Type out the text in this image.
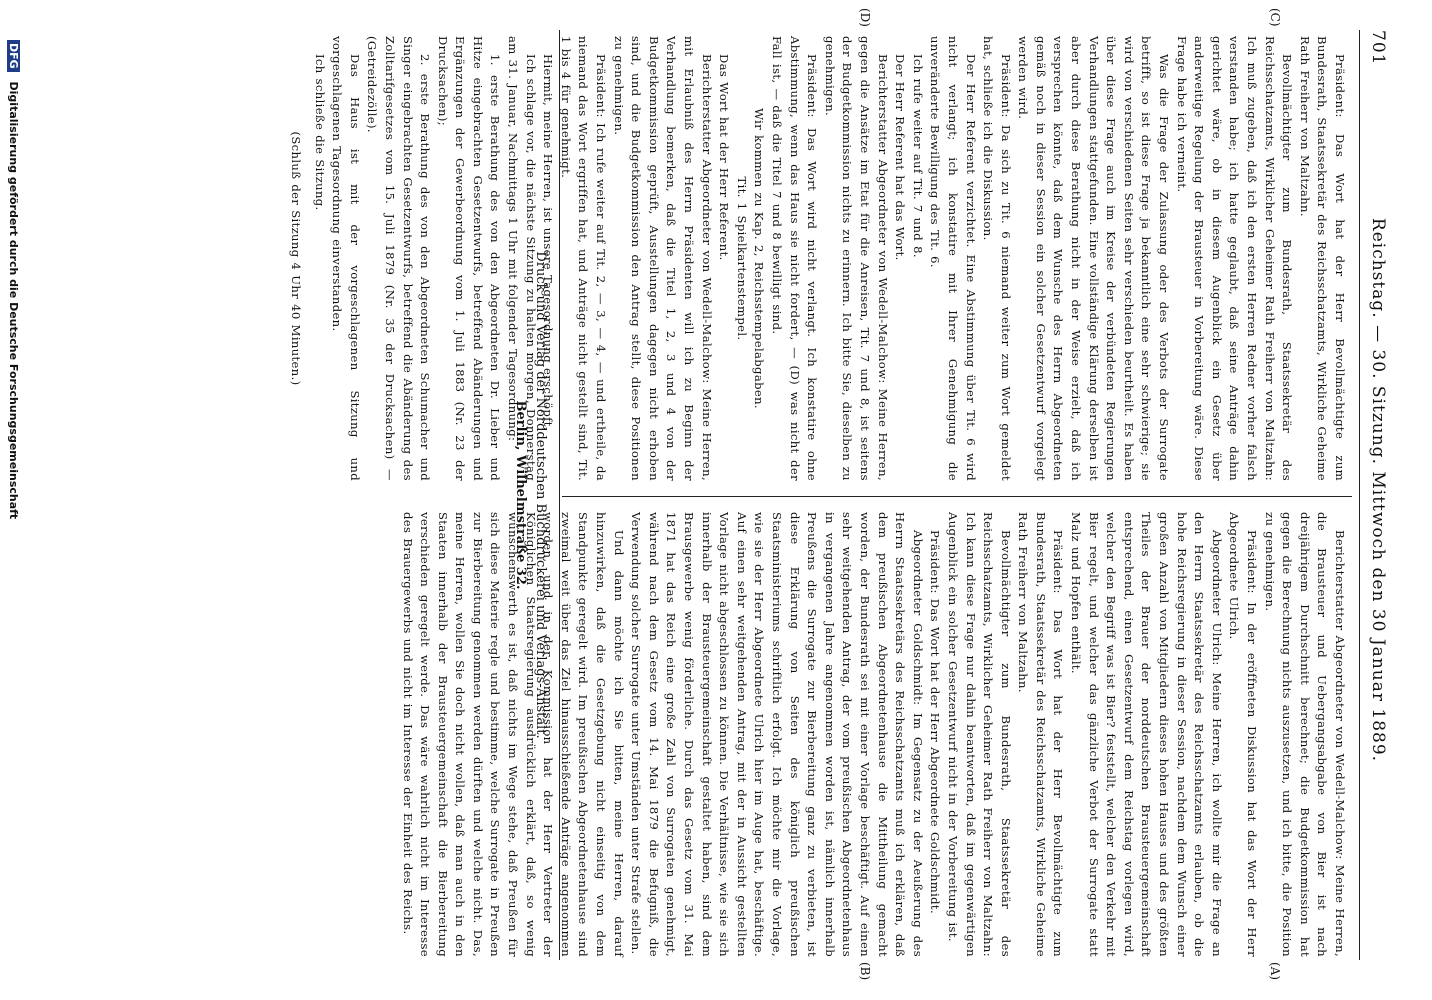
701
Reichstag. — 30. Sitzung. Mittwoch den 30 Januar 1889.
(C)
(D)
(A)
(B)

Präsident: Das Wort hat der Herr Bevollmächtigte zum Bundesrath, Staatssekretär des Reichsschatzamts, Wirkliche Geheime Rath Freiherr von Maltzahn.

Bevollmächtigter zum Bundesrath, Staatssekretär des Reichsschatzamts, Wirklicher Geheimer Rath Freiherr von Maltzahn: Ich muß zugeben, daß ich den ersten Herren Redner vorher falsch verstanden habe; ich hatte geglaubt, daß seine Anträge dahin gerichtet wäre, ob in diesem Augenblick ein Gesetz über anderweitige Regelung der Brausteuer in Vorbereitung wäre. Diese Frage habe ich verneint.

Was die Frage der Zulassung oder des Verbots der Surrogate betrifft, so ist diese Frage ja bekanntlich eine sehr schwierige; sie wird von verschiedenen Seiten sehr verschieden beurtheilt. Es haben über diese Frage auch im Kreise der verbündeten Regierungen Verhandlungen stattgefunden. Eine vollständige Klärung derselben ist aber durch diese Berathung nicht in der Weise erzielt, daß ich versprechen könnte, daß dem Wunsche des Herrn Abgeordneten gemäß noch in dieser Session ein solcher Gesetzentwurf vorgelegt werden wird.

Präsident: Da sich zu Tit. 6 niemand weiter zum Wort gemeldet hat, schließe ich die Diskussion.

Der Herr Referent verzichtet. Eine Abstimmung über Tit. 6 wird nicht verlangt; ich konstatire mit Ihrer Genehmigung die unveränderte Bewilligung des Tit. 6.

Ich rufe weiter auf Tit. 7 und 8.

Der Herr Referent hat das Wort.

Berichterstatter Abgeordneter von Wedell-Malchow: Meine Herren, gegen die Ansätze im Etat für die Anreisen, Tit. 7 und 8, ist seitens der Budgetkommission nichts zu erinnern. Ich bitte Sie, dieselben zu genehmigen.

Präsident: Das Wort wird nicht verlangt. Ich konstatire ohne Abstimmung, wenn das Haus sie nicht fordert, — (D) was nicht der Fall ist, — daß die Titel 7 und 8 bewilligt sind.

Wir kommen zu Kap. 2, Reichsstempelabgaben.

Tit. 1 Spielkartenstempel.

Das Wort hat der Herr Referent.

Berichterstatter Abgeordneter von Wedell-Malchow: Meine Herren, mit Erlaubniß des Herrn Präsidenten will ich zu Beginn der Verhandlung bemerken, daß die Titel 1, 2, 3 und 4 von der Budgetkommission geprüft, Ausstellungen dagegen nicht erhoben sind, und die Budgetkommission den Antrag stellt, diese Positionen zu genehmigen.

Präsident: Ich rufe weiter auf Tit. 2, — 3, — 4, — und ertheile, da niemand das Wort ergriffen hat, und Anträge nicht gestellt sind, Tit. 1 bis 4 für genehmigt.

Hiermit, meine Herren, ist unsere Tagesordnung erschöpft.

Ich schlage vor, die nächste Sitzung zu halten morgen, Donnerstag am 31. Januar, Nachmittags 1 Uhr mit folgender Tagesordnung:

1. erste Berathung des von den Abgeordneten Dr. Lieber und Hitze eingebrachten Gesetzentwurfs, betreffend Abänderungen und Ergänzungen der Gewerbeordnung vom 1. Juli 1883 (Nr. 23 der Drucksachen);

2. erste Berathung des von den Abgeordneten Schumacher und Singer eingebrachten Gesetzentwurfs, betreffend die Abänderung des Zolltarifgesetzes vom 15. Juli 1879 (Nr. 35 der Drucksachen) — (Getreidezölle).

Das Haus ist mit der vorgeschlagenen Sitzung und vorgeschlagenen Tagesordnung einverstanden.

Ich schließe die Sitzung.

(Schluß der Sitzung 4 Uhr 40 Minuten.)

Berichterstatter Abgeordneter von Wedell-Malchow: Meine Herren, die Brausteuer und Uebergangsabgabe von Bier ist nach dreijährigem Durchschnitt berechnet; die Budgetkommission hat gegen die Berechnung nichts auszusetzen, und ich bitte, die Position zu genehmigen.

Präsident: In der eröffneten Diskussion hat das Wort der Herr Abgeordnete Ulrich.

Abgeordneter Ulrich: Meine Herren, ich wollte mir die Frage an den Herrn Staatssekretär des Reichsschatzamts erlauben, ob die hohe Reichsregierung in dieser Session, nachdem dem Wunsch einer großen Anzahl von Mitgliedern dieses hohen Hauses und des größten Theiles der Brauer der norddeutschen Brausteuergemeinschaft entsprechend, einen Gesetzentwurf dem Reichstag vorlegen wird, welcher den Begriff was ist Bier? feststellt, welcher den Verkehr mit Bier regelt, und welcher das gänzliche Verbot der Surrogate statt Malz und Hopfen enthält.

Präsident: Das Wort hat der Herr Bevollmächtigte zum Bundesrath, Staatssekretär des Reichsschatzamts, Wirkliche Geheime Rath Freiherr von Maltzahn.

Bevollmächtigter zum Bundesrath, Staatssekretär des Reichsschatzamts, Wirklicher Geheimer Rath Freiherr von Maltzahn: Ich kann diese Frage nur dahin beantworten, daß im gegenwärtigen Augenblick ein solcher Gesetzentwurf nicht in der Vorbereitung ist.

Präsident: Das Wort hat der Herr Abgeordnete Goldschmidt.

Abgeordneter Goldschmidt: Im Gegensatz zu der Aeußerung des Herrn Staatssekretärs des Reichsschatzamts muß ich erklären, daß dem preußischen Abgeordnetenhause die Mittheilung gemacht worden, der Bundesrath sei mit einer Vorlage beschäftigt. Auf einen sehr weitgehenden Antrag, der vom preußischen Abgeordnetenhaus in vergangenen Jahre angenommen worden ist, nämlich innerhalb Preußens die Surrogate zur Bierbereitung ganz zu verbieten, ist diese Erklärung von Seiten des königlich preußischen Staatsministeriums schriftlich erfolgt. Ich möchte mir die Vorlage, wie sie der Herr Abgeordnete Ulrich hier im Auge hat, beschäftige. Auf einen sehr weitgehenden Antrag, mit der in Aussicht gestellten Vorlage nicht abgeschlossen zu können. Die Verhältnisse, wie sie sich innerhalb der Brausteuergemeinschaft gestaltet haben, sind dem Brausgewerbe wenig förderliche. Durch das Gesetz vom 31. Mai 1871 hat das Reich eine große Zahl von Surrogaten genehmigt, während nach dem Gesetz vom 14. Mai 1879 die Befugniß, die Verwendung solcher Surrogate unter Umständen unter Strafe stellen.

Und dann möchte ich Sie bitten, meine Herren, darauf hinzuwirken, daß die Gesetzgebung nicht einseitig von dem Standpunkte geregelt wird. Im preußischen Abgeordnetenhause sind zweimal weit über das Ziel hinausschießende Anträge angenommen worden, und in der Kommission hat der Herr Vertreter der Königlichen Staatsregierung ausdrücklich erklärt, daß, so wenig wünschenswerth es ist, daß nichts im Wege stehe, daß Preußen für sich diese Materie regle und bestimme, welche Surrogate in Preußen zur Bierbereitung genommen werden dürften und welche nicht. Das, meine Herren, wollen Sie doch nicht wollen, daß man auch in den Staaten innerhalb der Brausteuergemeinschaft die Bierbereitung verschieden geregelt werde. Das wäre wahrlich nicht im Interesse des Brauergewerbs und nicht im Interesse der Einheit des Reichs.	Druck und Verlag der Norddeutschen Buchdruckerei und Verlags-Anstalt.
Berlin, Wilhelmstraße 32.
DFG Digitalisierung gefördert durch die Deutsche Forschungsgemeinschaft
